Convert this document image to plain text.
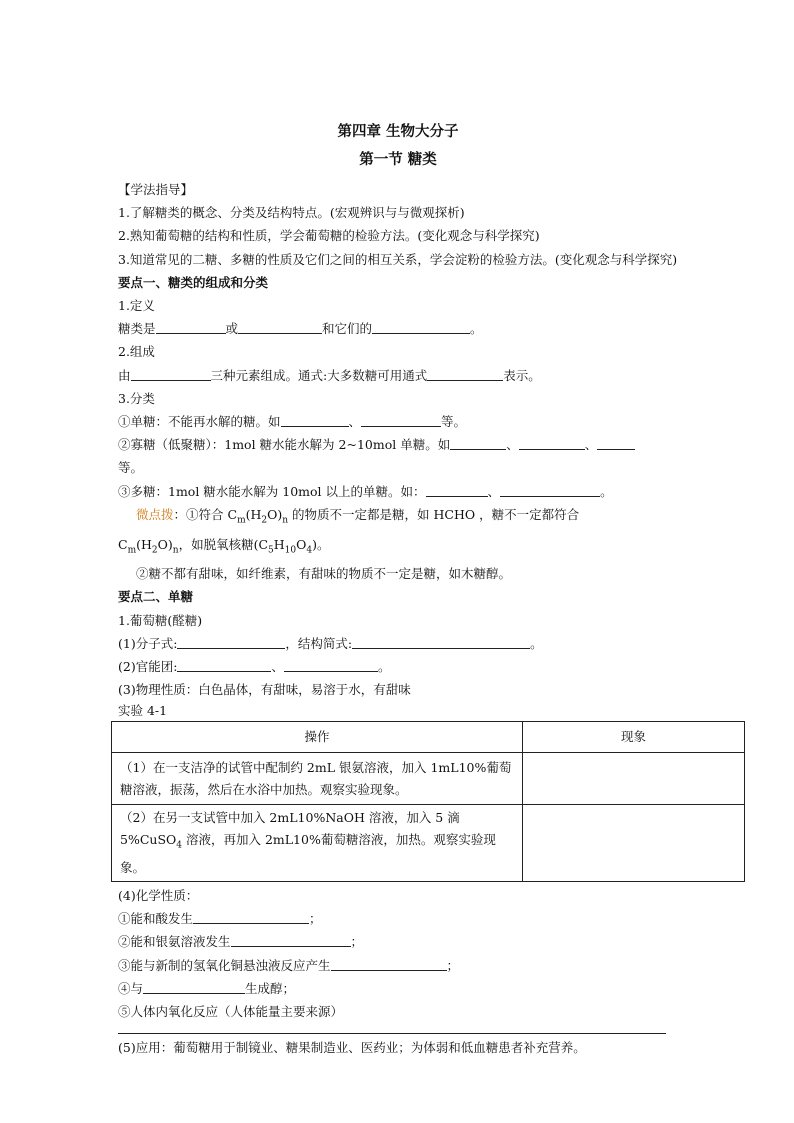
第四章 生物大分子
第一节 糖类
【学法指导】
1.了解糖类的概念、分类及结构特点。(宏观辨识与与微观探析)
2.熟知葡萄糖的结构和性质，学会葡萄糖的检验方法。(变化观念与科学探究)
3.知道常见的二糖、多糖的性质及它们之间的相互关系，学会淀粉的检验方法。(变化观念与科学探究)
要点一、糖类的组成和分类
1.定义
糖类是	或	和它们的	。
2.组成
由	三种元素组成。通式:大多数糖可用通式	表示。
3.分类
①单糖：不能再水解的糖。如	、	等。
②寡糖（低聚糖）：1mol 糖水能水解为 2~10mol 单糖。如	、	、
等。
③多糖：1mol 糖水能水解为 10mol 以上的单糖。如：	、	。
微点拨：①符合 $C_m(H_2O)_n$ 的物质不一定都是糖，如 HCHO ，糖不一定都符合
$C_m(H_2O)_n$，如脱氧核糖$(C_5H_{10}O_4)$。
②糖不都有甜味，如纤维素，有甜味的物质不一定是糖，如木糖醇。
要点二、单糖
1.葡萄糖(醛糖)
(1)分子式:	，结构简式:	。
(2)官能团:	、	。
(3)物理性质：白色晶体，有甜味，易溶于水，有甜味
实验 4-1
操作	现象
（1）在一支洁净的试管中配制约 2mL 银氨溶液，加入 1mL10%葡萄糖溶液，振荡，然后在水浴中加热。观察实验现象。	
（2）在另一支试管中加入 2mL10%NaOH 溶液，加入 5 滴 5%CuSO$_4$ 溶液，再加入 2mL10%葡萄糖溶液，加热。观察实验现象。	
(4)化学性质：
①能和酸发生	；
②能和银氨溶液发生	；
③能与新制的氢氧化铜悬浊液反应产生	；
④与	生成醇；
⑤人体内氧化反应（人体能量主要来源）
(5)应用：葡萄糖用于制镜业、糖果制造业、医药业；为体弱和低血糖患者补充营养。
